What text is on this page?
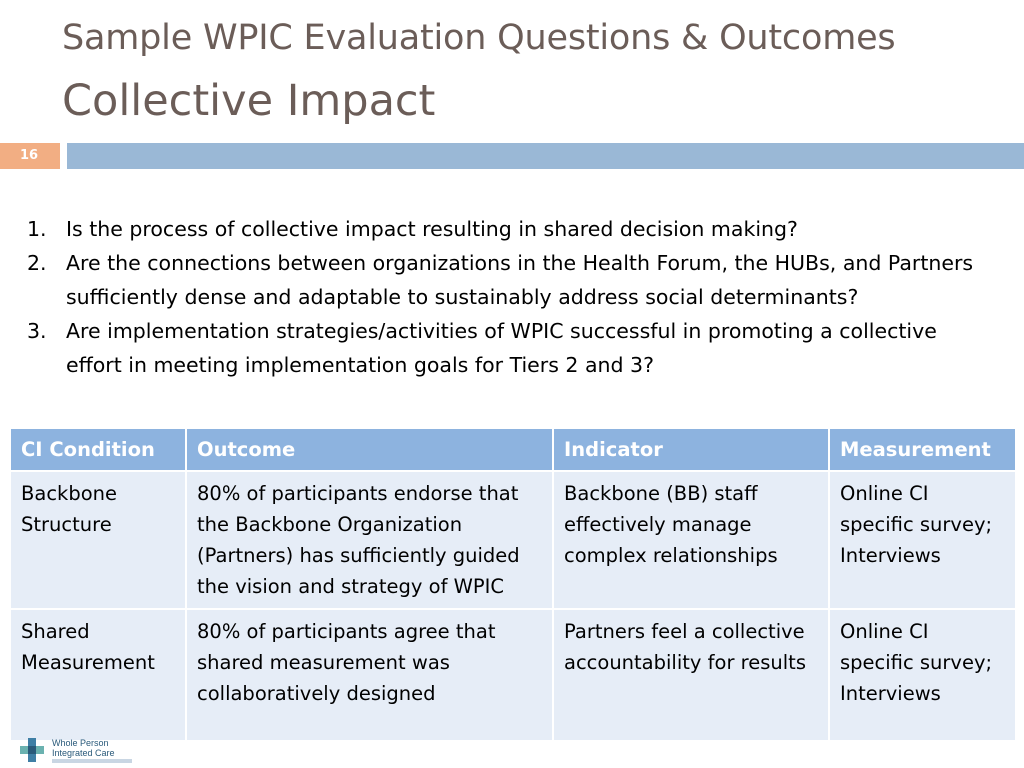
Sample WPIC Evaluation Questions & Outcomes
Collective Impact
16
1. Is the process of collective impact resulting in shared decision making?
2. Are the connections between organizations in the Health Forum, the HUBs, and Partners sufficiently dense and adaptable to sustainably address social determinants?
3. Are implementation strategies/activities of WPIC successful in promoting a collective effort in meeting implementation goals for Tiers 2 and 3?
CI Condition	Outcome	Indicator	Measurement
Backbone Structure	80% of participants endorse that the Backbone Organization (Partners) has sufficiently guided the vision and strategy of WPIC	Backbone (BB) staff effectively manage complex relationships	Online CI specific survey; Interviews
Shared Measurement	80% of participants agree that shared measurement was collaboratively designed	Partners feel a collective accountability for results	Online CI specific survey; Interviews
Whole Person
Integrated Care
